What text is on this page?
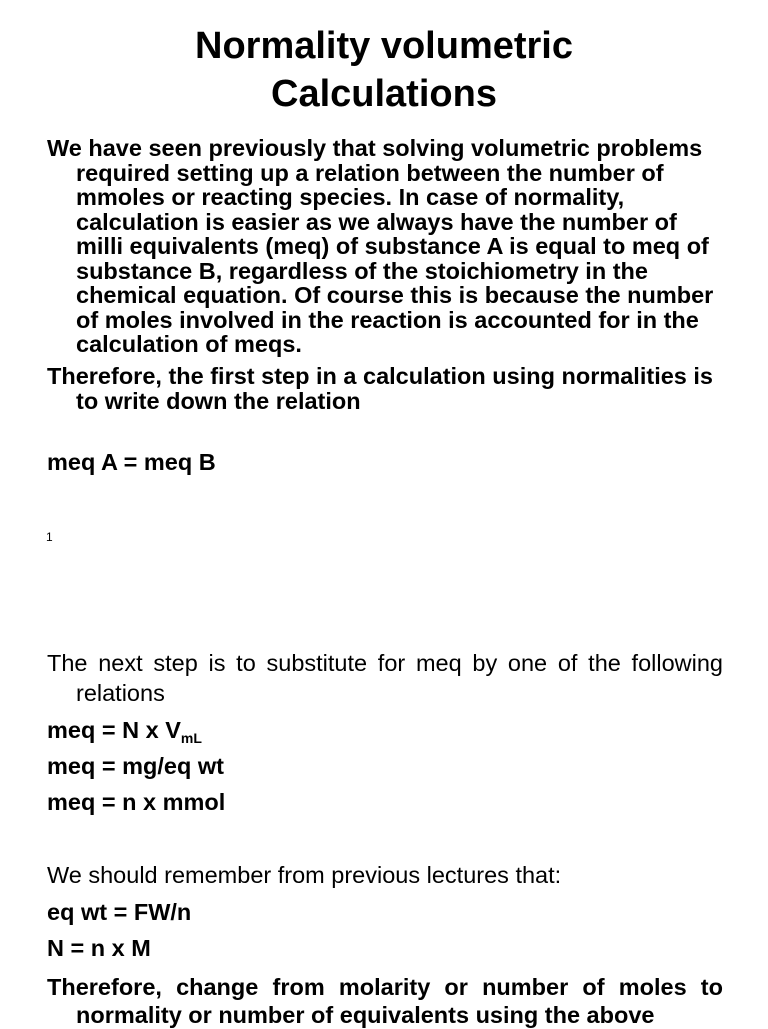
Normality volumetric
Calculations

We have seen previously that solving volumetric problems required setting up a relation between the number of mmoles or reacting species. In case of normality, calculation is easier as we always have the number of milli equivalents (meq) of substance A is equal to meq of substance B, regardless of the stoichiometry in the chemical equation. Of course this is because the number of moles involved in the reaction is accounted for in the calculation of meqs.

Therefore, the first step in a calculation using normalities is to write down the relation

meq A = meq B

1

The next step is to substitute for meq by one of the following relations

meq = N x $V_{mL}$

meq = mg/eq wt

meq = n x mmol

We should remember from previous lectures that:

eq wt = FW/n

N = n x M

Therefore, change from molarity or number of moles to normality or number of equivalents using the above
